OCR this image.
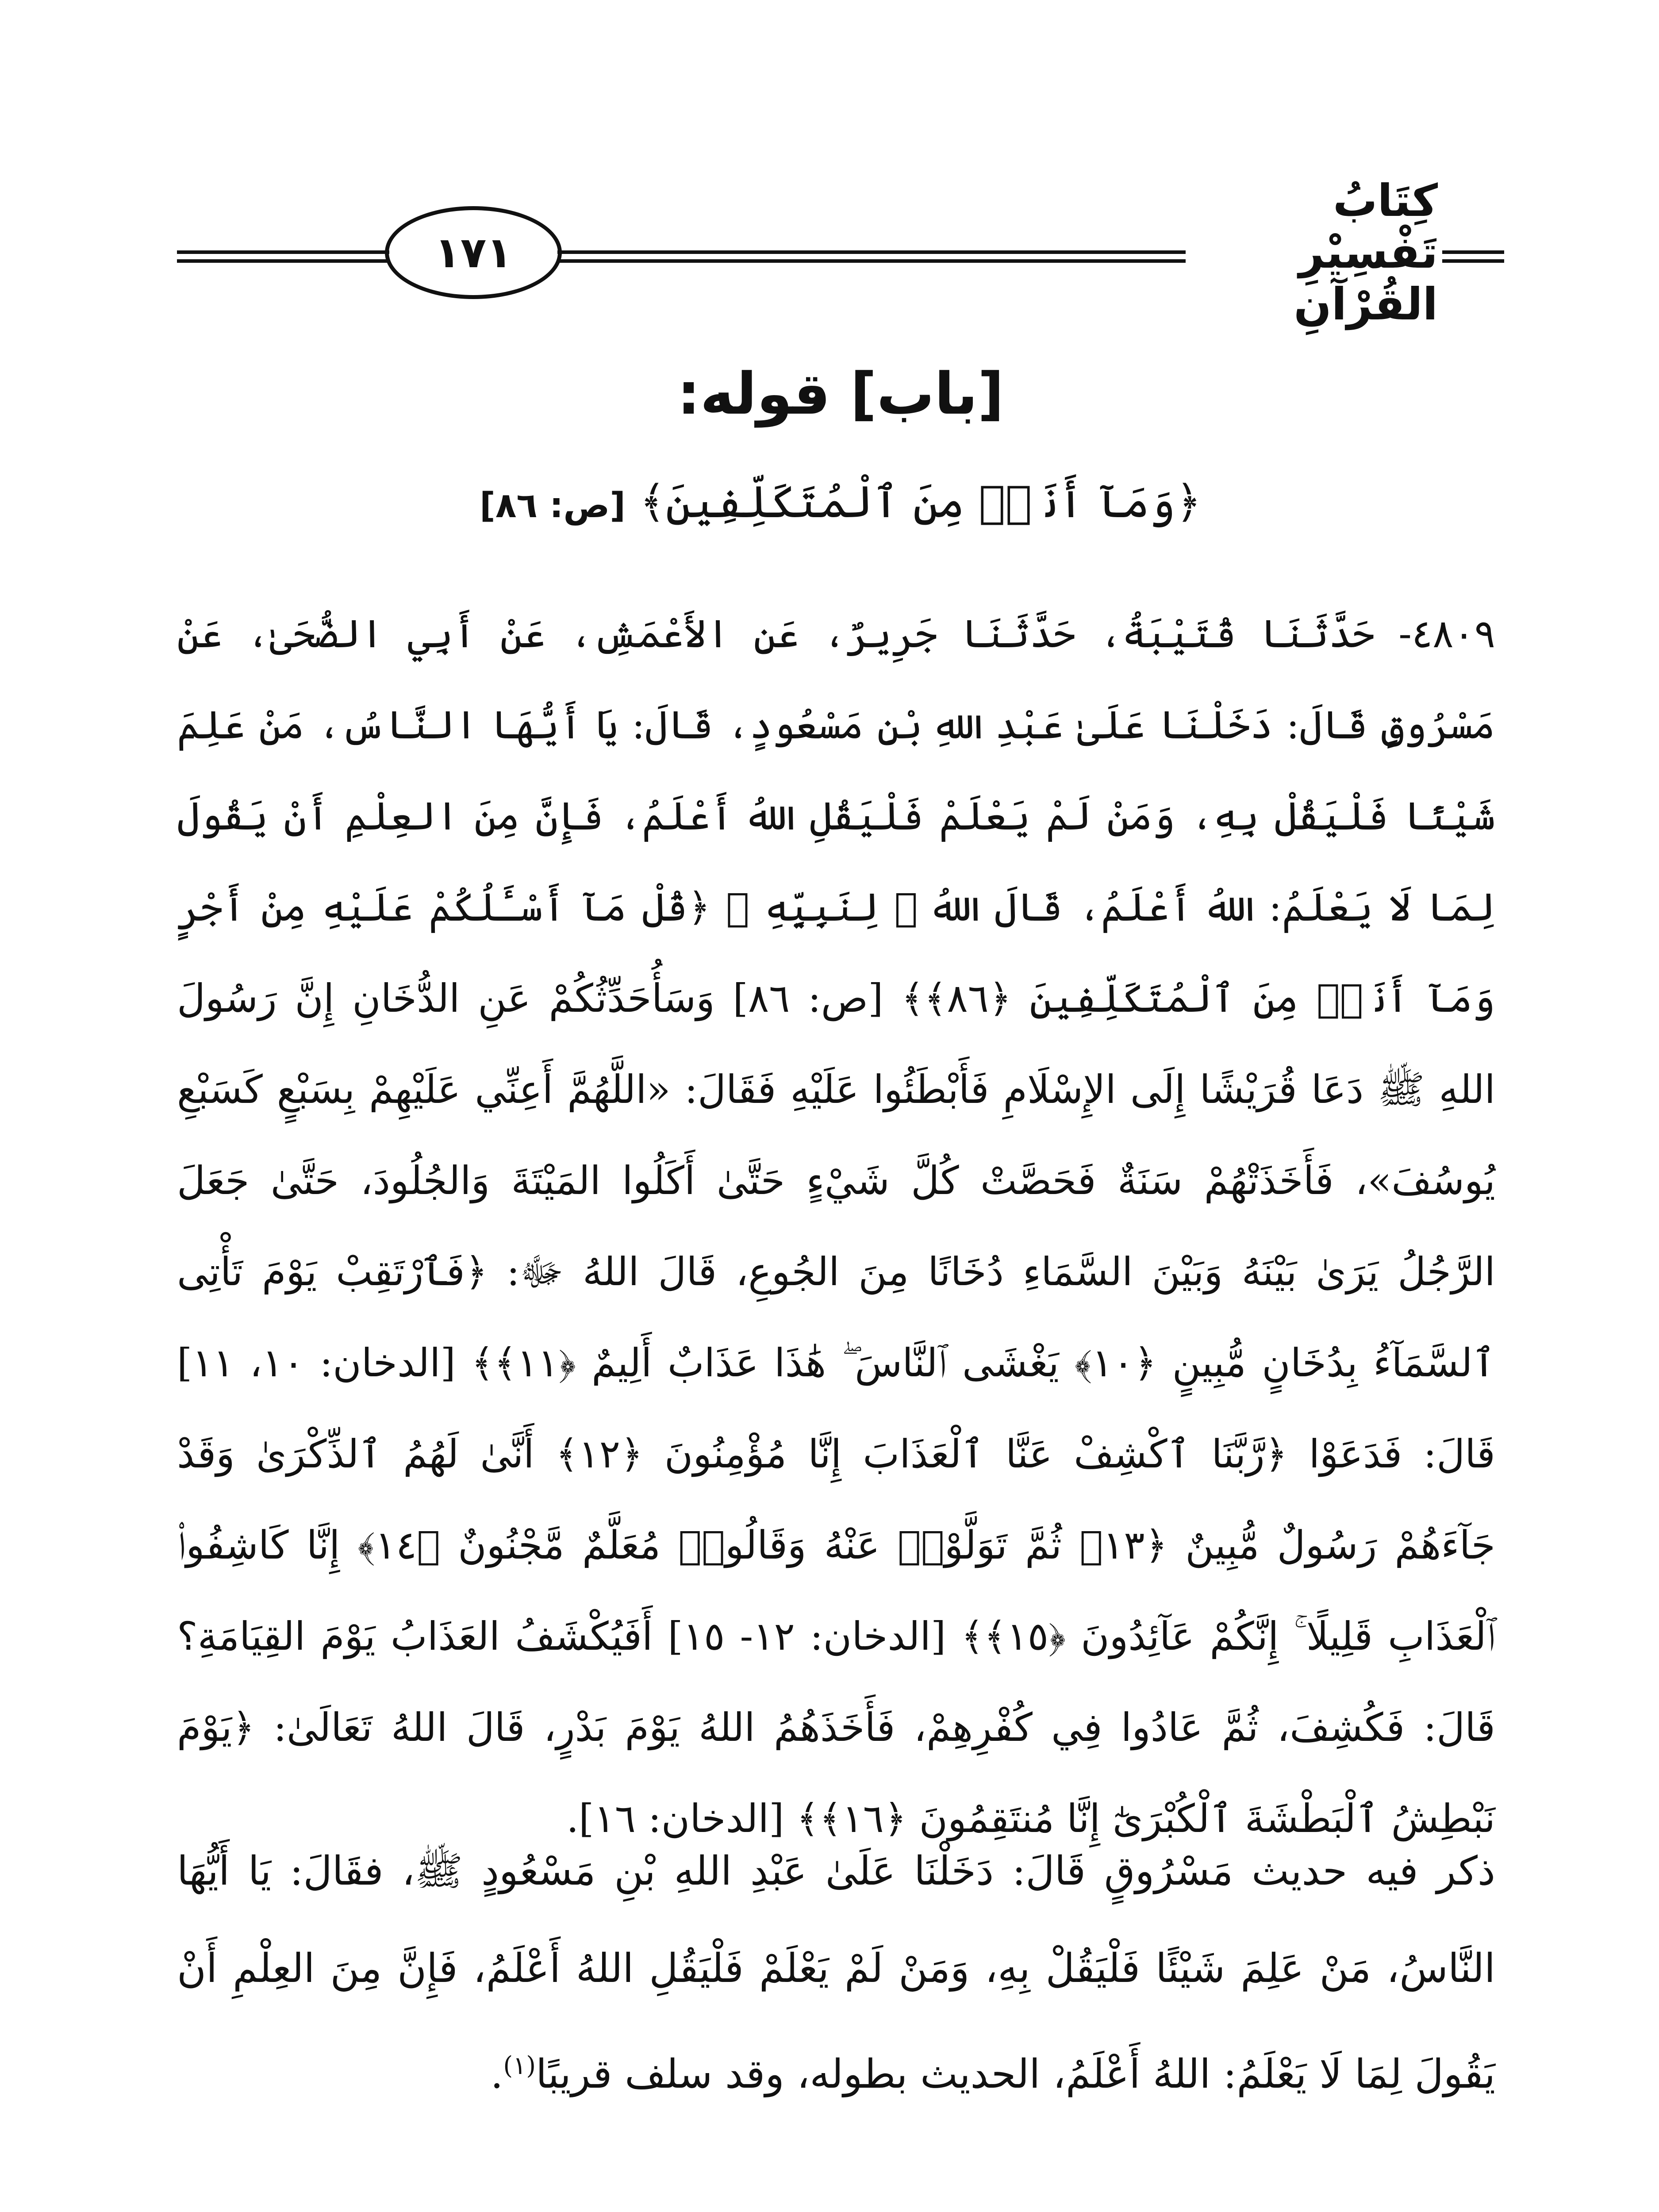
١٧١
كِتَابُ تَفْسِيْرِ القُرْآنِ
[باب] قوله:
﴿وَمَآ أَنَا۠ مِنَ ٱلْمُتَكَلِّفِينَ﴾ [ص: ٨٦]
٤٨٠٩- حَدَّثَنَا قُتَيْبَةُ، حَدَّثَنَا جَرِيرٌ، عَنِ الأَعْمَشِ، عَنْ أَبِي الضُّحَىٰ، عَنْ مَسْرُوقٍ قَالَ: دَخَلْنَا عَلَىٰ عَبْدِ اللهِ بْنِ مَسْعُودٍ، قَالَ: يَا أَيُّهَا النَّاسُ، مَنْ عَلِمَ شَيْئًا فَلْيَقُلْ بِهِ، وَمَنْ لَمْ يَعْلَمْ فَلْيَقُلِ اللهُ أَعْلَمُ، فَإِنَّ مِنَ العِلْمِ أَنْ يَقُولَ لِمَا لَا يَعْلَمُ: اللهُ أَعْلَمُ، قَالَ اللهُ ﷻ لِنَبِيِّهِ ﷺ ﴿قُلْ مَآ أَسْـَٔلُكُمْ عَلَيْهِ مِنْ أَجْرٍ وَمَآ أَنَا۠ مِنَ ٱلْمُتَكَلِّفِينَ ﴿٨٦﴾﴾ [ص: ٨٦] وَسَأُحَدِّثُكُمْ عَنِ الدُّخَانِ إِنَّ رَسُولَ اللهِ ﷺ دَعَا قُرَيْشًا إِلَى الإِسْلَامِ فَأَبْطَئُوا عَلَيْهِ فَقَالَ: «اللَّهُمَّ أَعِنِّي عَلَيْهِمْ بِسَبْعٍ كَسَبْعِ يُوسُفَ»، فَأَخَذَتْهُمْ سَنَةٌ فَحَصَّتْ كُلَّ شَيْءٍ حَتَّىٰ أَكَلُوا المَيْتَةَ وَالجُلُودَ، حَتَّىٰ جَعَلَ الرَّجُلُ يَرَىٰ بَيْنَهُ وَبَيْنَ السَّمَاءِ دُخَانًا مِنَ الجُوعِ، قَالَ اللهُ ﷻ: ﴿فَٱرْتَقِبْ يَوْمَ تَأْتِى ٱلسَّمَآءُ بِدُخَانٍ مُّبِينٍ ﴿١٠﴾ يَغْشَى ٱلنَّاسَ ۖ هَٰذَا عَذَابٌ أَلِيمٌ ﴿١١﴾﴾ [الدخان: ١٠، ١١] قَالَ: فَدَعَوْا ﴿رَّبَّنَا ٱكْشِفْ عَنَّا ٱلْعَذَابَ إِنَّا مُؤْمِنُونَ ﴿١٢﴾ أَنَّىٰ لَهُمُ ٱلذِّكْرَىٰ وَقَدْ جَآءَهُمْ رَسُولٌ مُّبِينٌ ﴿١٣﴾ ثُمَّ تَوَلَّوْا۟ عَنْهُ وَقَالُوا۟ مُعَلَّمٌ مَّجْنُونٌ ﴿١٤﴾ إِنَّا كَاشِفُوا۟ ٱلْعَذَابِ قَلِيلًا ۚ إِنَّكُمْ عَآئِدُونَ ﴿١٥﴾﴾ [الدخان: ١٢- ١٥] أَفَيُكْشَفُ العَذَابُ يَوْمَ القِيَامَةِ؟ قَالَ: فَكُشِفَ، ثُمَّ عَادُوا فِي كُفْرِهِمْ، فَأَخَذَهُمُ اللهُ يَوْمَ بَدْرٍ، قَالَ اللهُ تَعَالَىٰ: ﴿يَوْمَ نَبْطِشُ ٱلْبَطْشَةَ ٱلْكُبْرَىٰٓ إِنَّا مُنتَقِمُونَ ﴿١٦﴾﴾ [الدخان: ١٦].
ذكر فيه حديث مَسْرُوقٍ قَالَ: دَخَلْنَا عَلَىٰ عَبْدِ اللهِ بْنِ مَسْعُودٍ ﷺ، فقَالَ: يَا أَيُّهَا النَّاسُ، مَنْ عَلِمَ شَيْئًا فَلْيَقُلْ بِهِ، وَمَنْ لَمْ يَعْلَمْ فَلْيَقُلِ اللهُ أَعْلَمُ، فَإِنَّ مِنَ العِلْمِ أَنْ يَقُولَ لِمَا لَا يَعْلَمُ: اللهُ أَعْلَمُ، الحديث بطوله، وقد سلف قريبًا$^{(١)}$.
